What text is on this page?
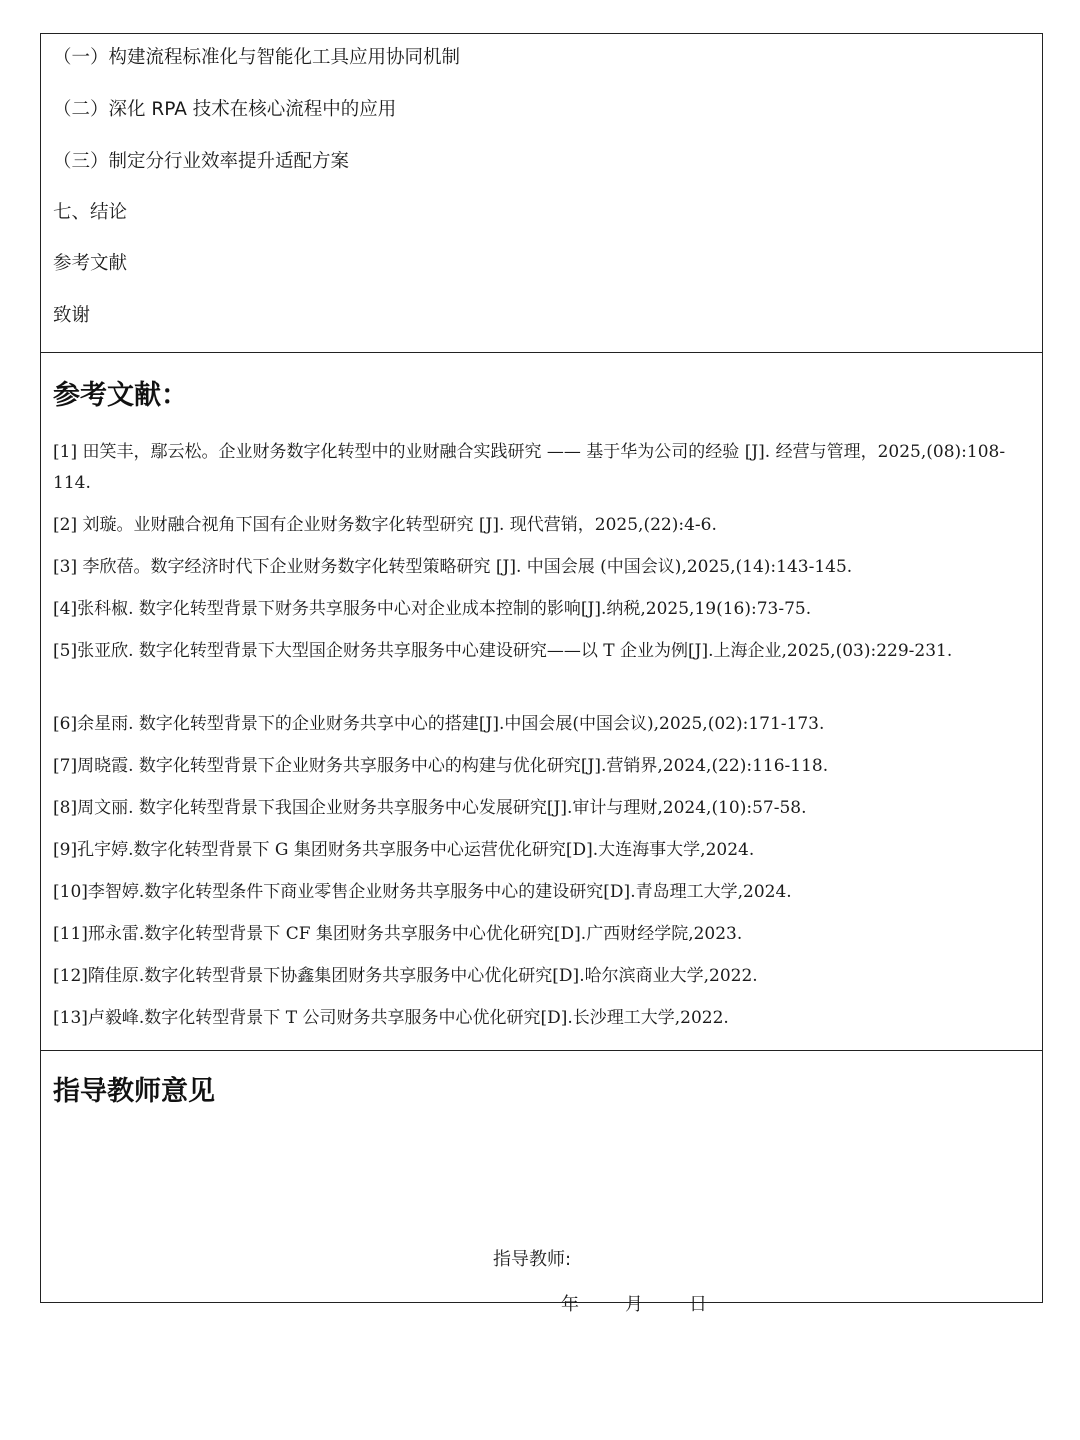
（一）构建流程标准化与智能化工具应用协同机制
（二）深化 RPA 技术在核心流程中的应用
（三）制定分行业效率提升适配方案
七、结论
参考文献
致谢
参考文献：
[1] 田笑丰，鄢云松。企业财务数字化转型中的业财融合实践研究 —— 基于华为公司的经验 [J]. 经营与管理，2025,(08):108-114.
[2] 刘璇。业财融合视角下国有企业财务数字化转型研究 [J]. 现代营销，2025,(22):4-6.
[3] 李欣蓓。数字经济时代下企业财务数字化转型策略研究 [J]. 中国会展 (中国会议),2025,(14):143-145.
[4]张科椒. 数字化转型背景下财务共享服务中心对企业成本控制的影响[J].纳税,2025,19(16):73-75.
[5]张亚欣. 数字化转型背景下大型国企财务共享服务中心建设研究——以 T 企业为例[J].上海企业,2025,(03):229-231.
[6]余星雨. 数字化转型背景下的企业财务共享中心的搭建[J].中国会展(中国会议),2025,(02):171-173.
[7]周晓霞. 数字化转型背景下企业财务共享服务中心的构建与优化研究[J].营销界,2024,(22):116-118.
[8]周文丽. 数字化转型背景下我国企业财务共享服务中心发展研究[J].审计与理财,2024,(10):57-58.
[9]孔宇婷.数字化转型背景下 G 集团财务共享服务中心运营优化研究[D].大连海事大学,2024.
[10]李智婷.数字化转型条件下商业零售企业财务共享服务中心的建设研究[D].青岛理工大学,2024.
[11]邢永雷.数字化转型背景下 CF 集团财务共享服务中心优化研究[D].广西财经学院,2023.
[12]隋佳原.数字化转型背景下协鑫集团财务共享服务中心优化研究[D].哈尔滨商业大学,2022.
[13]卢毅峰.数字化转型背景下 T 公司财务共享服务中心优化研究[D].长沙理工大学,2022.
指导教师意见
指导教师:
年	月	日
